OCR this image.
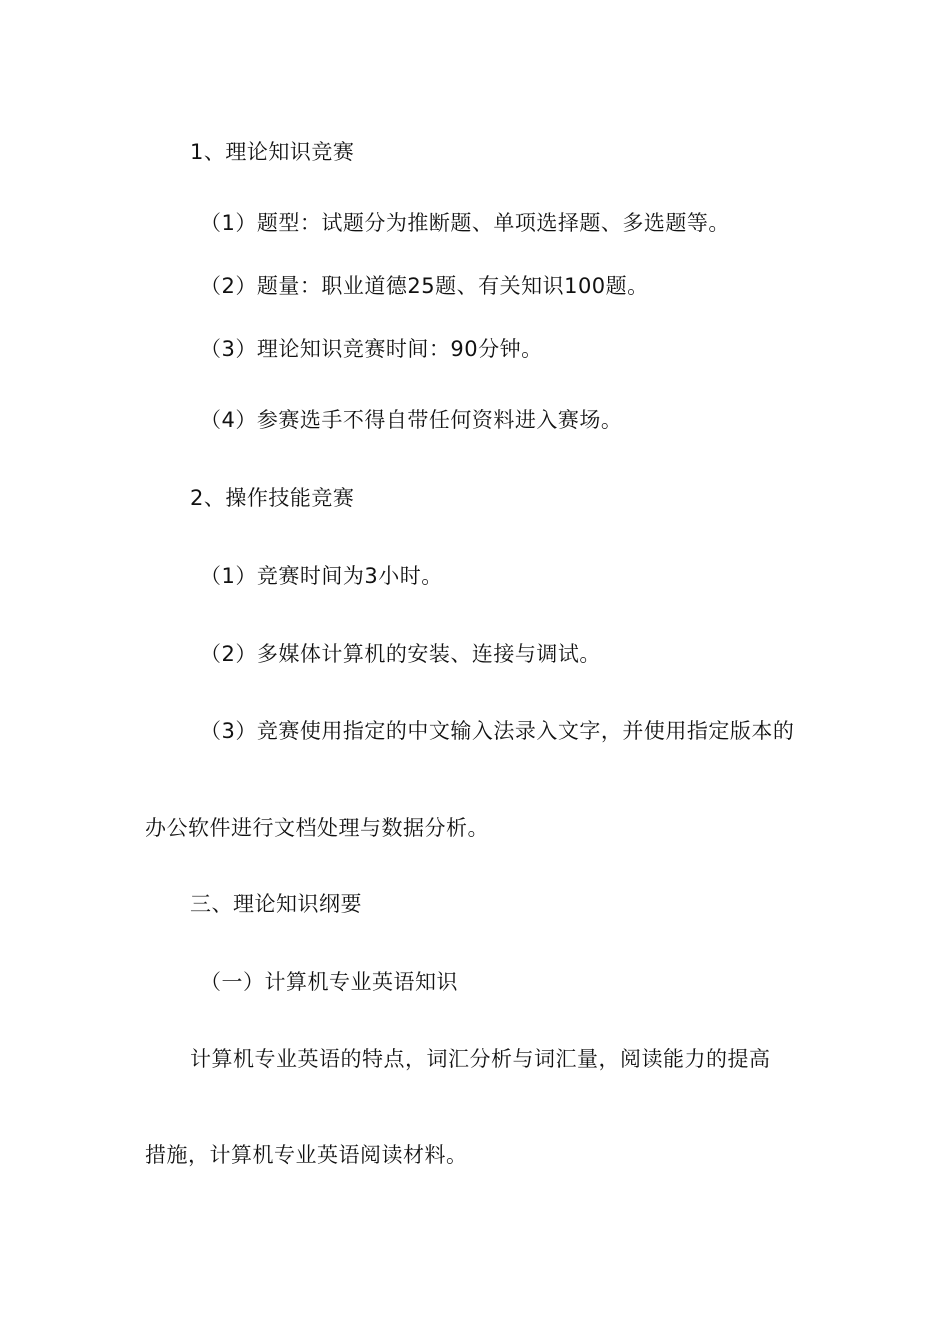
1、理论知识竞赛

（1）题型：试题分为推断题、单项选择题、多选题等。

（2）题量：职业道德25题、有关知识100题。

（3）理论知识竞赛时间：90分钟。

（4）参赛选手不得自带任何资料进入赛场。

2、操作技能竞赛

（1）竞赛时间为3小时。

（2）多媒体计算机的安装、连接与调试。

（3）竞赛使用指定的中文输入法录入文字，并使用指定版本的

办公软件进行文档处理与数据分析。

三、理论知识纲要

（一）计算机专业英语知识

计算机专业英语的特点，词汇分析与词汇量，阅读能力的提高

措施，计算机专业英语阅读材料。
